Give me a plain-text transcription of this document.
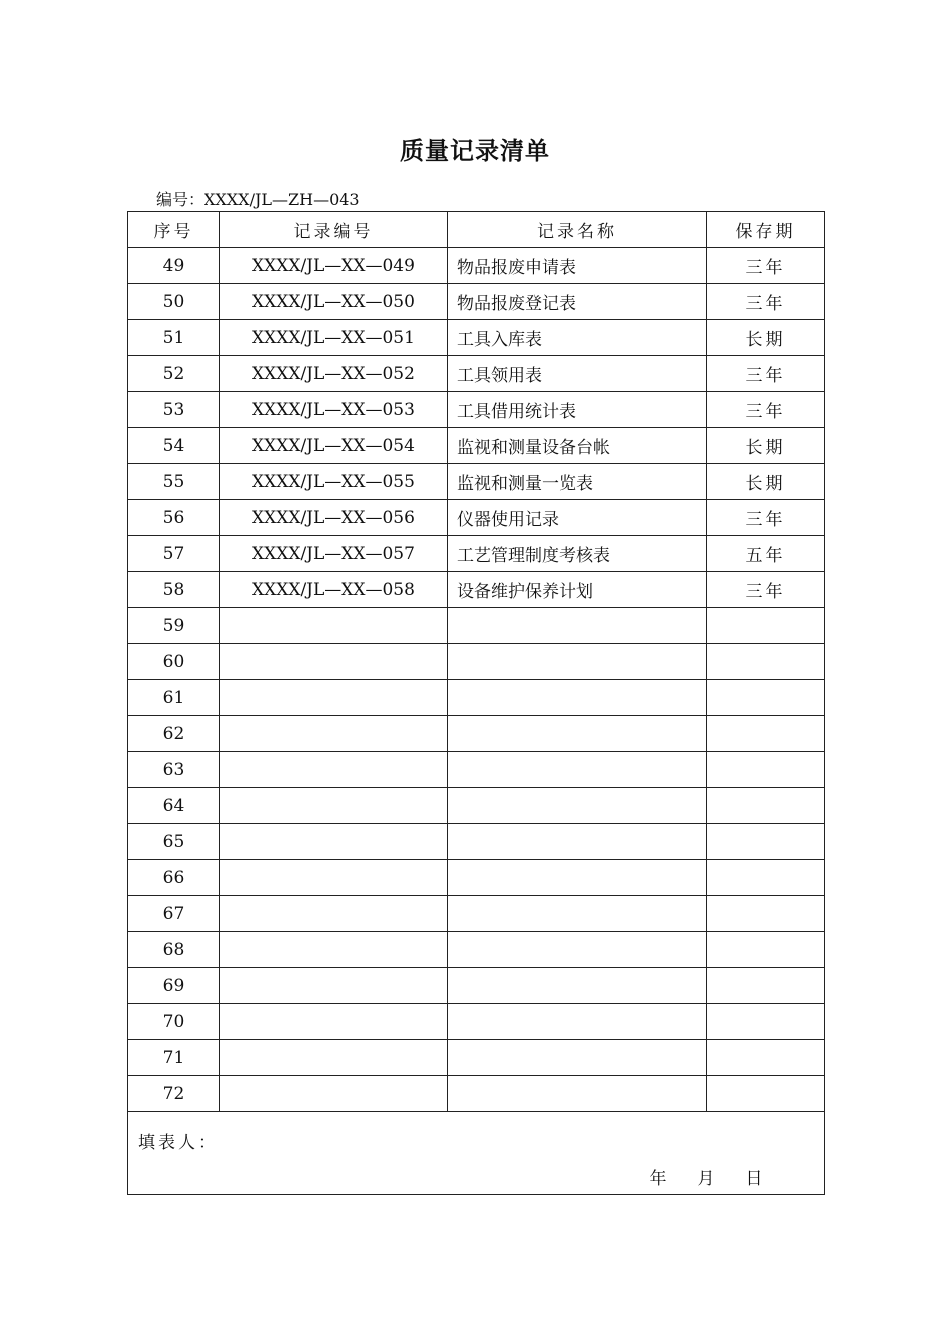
质量记录清单
编号：XXXX/JL—ZH—043
序号	记录编号	记录名称	保存期
49	XXXX/JL—XX—049	物品报废申请表	三年
50	XXXX/JL—XX—050	物品报废登记表	三年
51	XXXX/JL—XX—051	工具入库表	长期
52	XXXX/JL—XX—052	工具领用表	三年
53	XXXX/JL—XX—053	工具借用统计表	三年
54	XXXX/JL—XX—054	监视和测量设备台帐	长期
55	XXXX/JL—XX—055	监视和测量一览表	长期
56	XXXX/JL—XX—056	仪器使用记录	三年
57	XXXX/JL—XX—057	工艺管理制度考核表	五年
58	XXXX/JL—XX—058	设备维护保养计划	三年
59			
60			
61			
62			
63			
64			
65			
66			
67			
68			
69			
70			
71			
72			

填表人：
年 月 日			
